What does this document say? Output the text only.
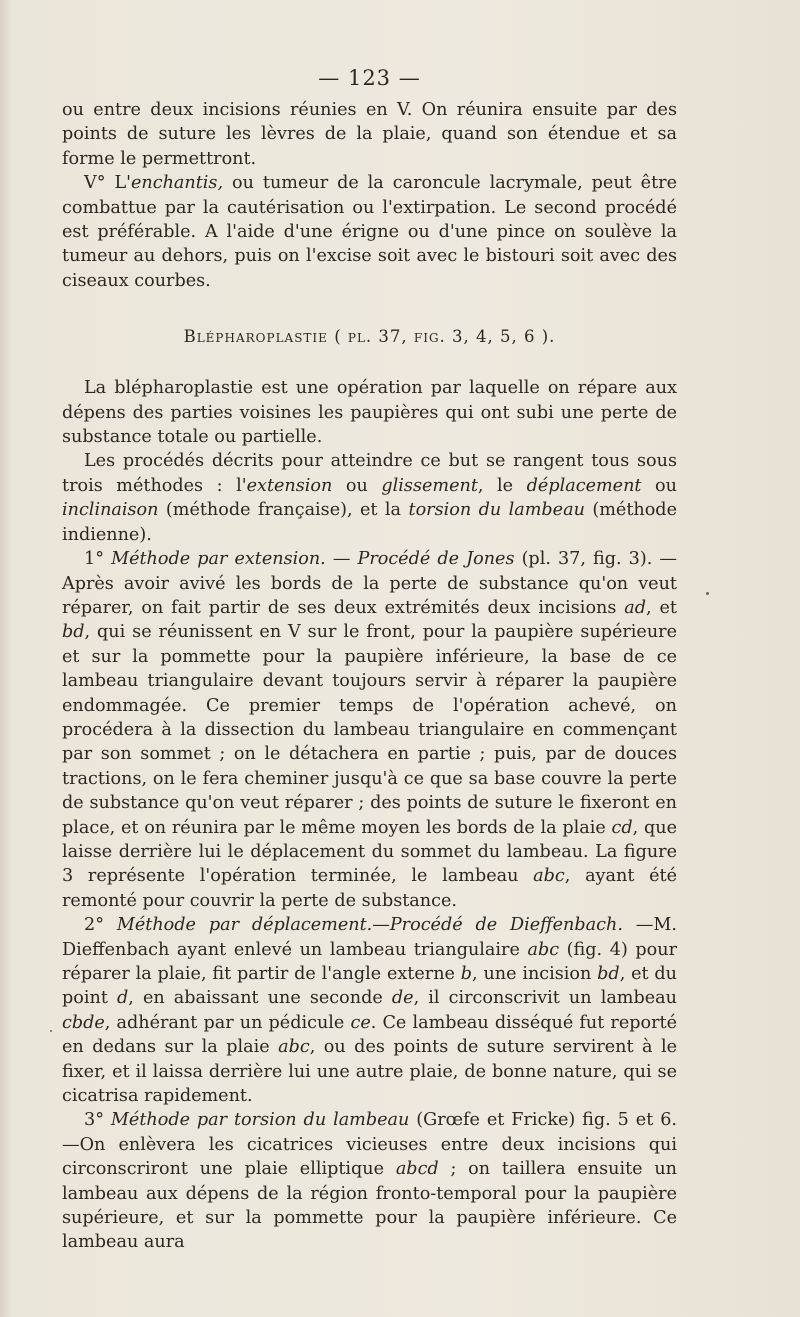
— 123 —

ou entre deux incisions réunies en V. On réunira ensuite par des points de suture les lèvres de la plaie, quand son étendue et sa forme le permettront.

V° L'enchantis, ou tumeur de la caroncule lacrymale, peut être combattue par la cautérisation ou l'extirpation. Le second procédé est préférable. A l'aide d'une érigne ou d'une pince on soulève la tumeur au dehors, puis on l'excise soit avec le bistouri soit avec des ciseaux courbes.

Blépharoplastie ( pl. 37, fig. 3, 4, 5, 6 ).

La blépharoplastie est une opération par laquelle on répare aux dépens des parties voisines les paupières qui ont subi une perte de substance totale ou partielle.

Les procédés décrits pour atteindre ce but se rangent tous sous trois méthodes : l'extension ou glissement, le déplacement ou inclinaison (méthode française), et la torsion du lambeau (méthode indienne).

1° Méthode par extension. — Procédé de Jones (pl. 37, fig. 3). — Après avoir avivé les bords de la perte de substance qu'on veut réparer, on fait partir de ses deux extrémités deux incisions ad, et bd, qui se réunissent en V sur le front, pour la paupière supérieure et sur la pommette pour la paupière inférieure, la base de ce lambeau triangulaire devant toujours servir à réparer la paupière endommagée. Ce premier temps de l'opération achevé, on procédera à la dissection du lambeau triangulaire en commençant par son sommet ; on le détachera en partie ; puis, par de douces tractions, on le fera cheminer jusqu'à ce que sa base couvre la perte de substance qu'on veut réparer ; des points de suture le fixeront en place, et on réunira par le même moyen les bords de la plaie cd, que laisse derrière lui le déplacement du sommet du lambeau. La figure 3 représente l'opération terminée, le lambeau abc, ayant été remonté pour couvrir la perte de substance.

2° Méthode par déplacement.—Procédé de Dieffenbach. —M. Dieffenbach ayant enlevé un lambeau triangulaire abc (fig. 4) pour réparer la plaie, fit partir de l'angle externe b, une incision bd, et du point d, en abaissant une seconde de, il circonscrivit un lambeau cbde, adhérant par un pédicule ce. Ce lambeau disséqué fut reporté en dedans sur la plaie abc, ou des points de suture servirent à le fixer, et il laissa derrière lui une autre plaie, de bonne nature, qui se cicatrisa rapidement.

3° Méthode par torsion du lambeau (Grœfe et Fricke) fig. 5 et 6.—On enlèvera les cicatrices vicieuses entre deux incisions qui circonscriront une plaie elliptique abcd ; on taillera ensuite un lambeau aux dépens de la région fronto-temporal pour la paupière supérieure, et sur la pommette pour la paupière inférieure. Ce lambeau aura
